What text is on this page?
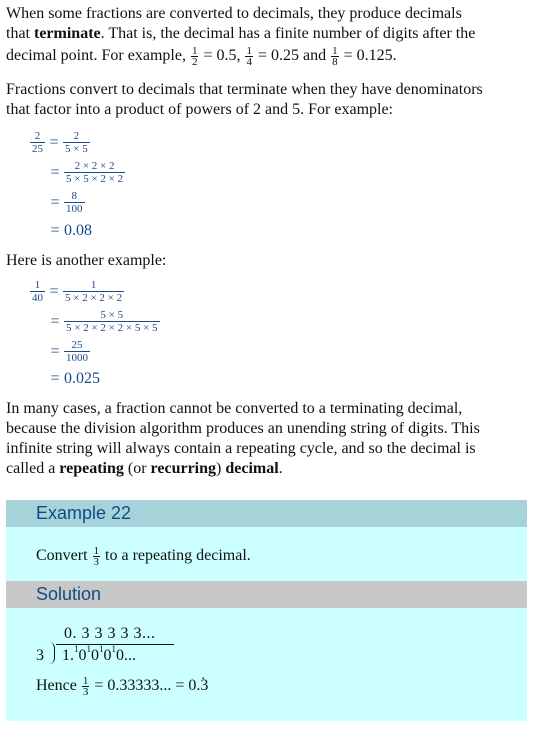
When some fractions are converted to decimals, they produce decimals

that terminate. That is, the decimal has a finite number of digits after the

decimal point. For example, $\frac{1}{2} = 0.5$, $\frac{1}{4} = 0.25$ and $\frac{1}{8} = 0.125$.

Fractions convert to decimals that terminate when they have denominators

that factor into a product of powers of 2 and 5. For example:

$\frac{2}{25} = \frac{2}{5 \times 5}$
= $\frac{2 \times 2 \times 2}{5 \times 5 \times 2 \times 2}$
= $\frac{8}{100}$
= 0.08
Here is another example:
$\frac{1}{40} = \frac{1}{5 \times 2 \times 2 \times 2}$
= $\frac{5 \times 5}{5 \times 2 \times 2 \times 2 \times 5 \times 5}$
= $\frac{25}{1000}$
= 0.025

In many cases, a fraction cannot be converted to a terminating decimal,

because the division algorithm produces an unending string of digits. This

infinite string will always contain a repeating cycle, and so the decimal is

called a repeating (or recurring) decimal.

Example 22
Convert $\frac{1}{3}$ to a repeating decimal.
Solution
0. 3 3 3 3 3...
3 $1.^10^10^10^10$...
Hence $\frac{1}{3} = 0.33333$... = 0.. 3
